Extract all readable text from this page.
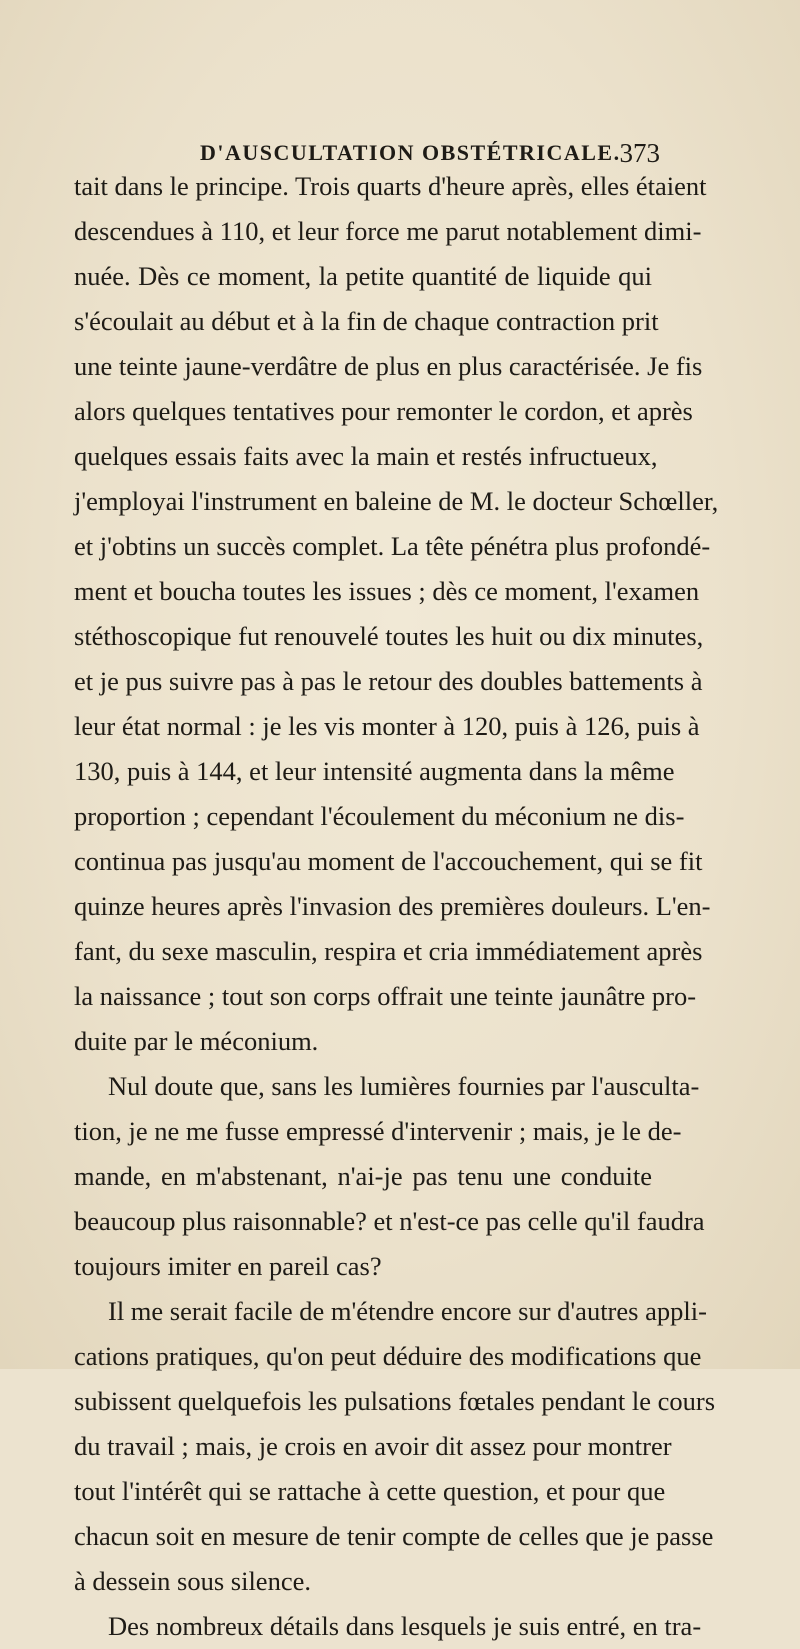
D'AUSCULTATION OBSTÉTRICALE.
373
tait dans le principe. Trois quarts d'heure après, elles étaient
descendues à 110, et leur force me parut notablement dimi-
nuée. Dès ce moment, la petite quantité de liquide qui
s'écoulait au début et à la fin de chaque contraction prit
une teinte jaune-verdâtre de plus en plus caractérisée. Je fis
alors quelques tentatives pour remonter le cordon, et après
quelques essais faits avec la main et restés infructueux,
j'employai l'instrument en baleine de M. le docteur Schœller,
et j'obtins un succès complet. La tête pénétra plus profondé-
ment et boucha toutes les issues ; dès ce moment, l'examen
stéthoscopique fut renouvelé toutes les huit ou dix minutes,
et je pus suivre pas à pas le retour des doubles battements à
leur état normal : je les vis monter à 120, puis à 126, puis à
130, puis à 144, et leur intensité augmenta dans la même
proportion ; cependant l'écoulement du méconium ne dis-
continua pas jusqu'au moment de l'accouchement, qui se fit
quinze heures après l'invasion des premières douleurs. L'en-
fant, du sexe masculin, respira et cria immédiatement après
la naissance ; tout son corps offrait une teinte jaunâtre pro-
duite par le méconium.
Nul doute que, sans les lumières fournies par l'ausculta-
tion, je ne me fusse empressé d'intervenir ; mais, je le de-
mande, en m'abstenant, n'ai-je pas tenu une conduite
beaucoup plus raisonnable? et n'est-ce pas celle qu'il faudra
toujours imiter en pareil cas?
Il me serait facile de m'étendre encore sur d'autres appli-
cations pratiques, qu'on peut déduire des modifications que
subissent quelquefois les pulsations fœtales pendant le cours
du travail ; mais, je crois en avoir dit assez pour montrer
tout l'intérêt qui se rattache à cette question, et pour que
chacun soit en mesure de tenir compte de celles que je passe
à dessein sous silence.
Des nombreux détails dans lesquels je suis entré, en tra-
